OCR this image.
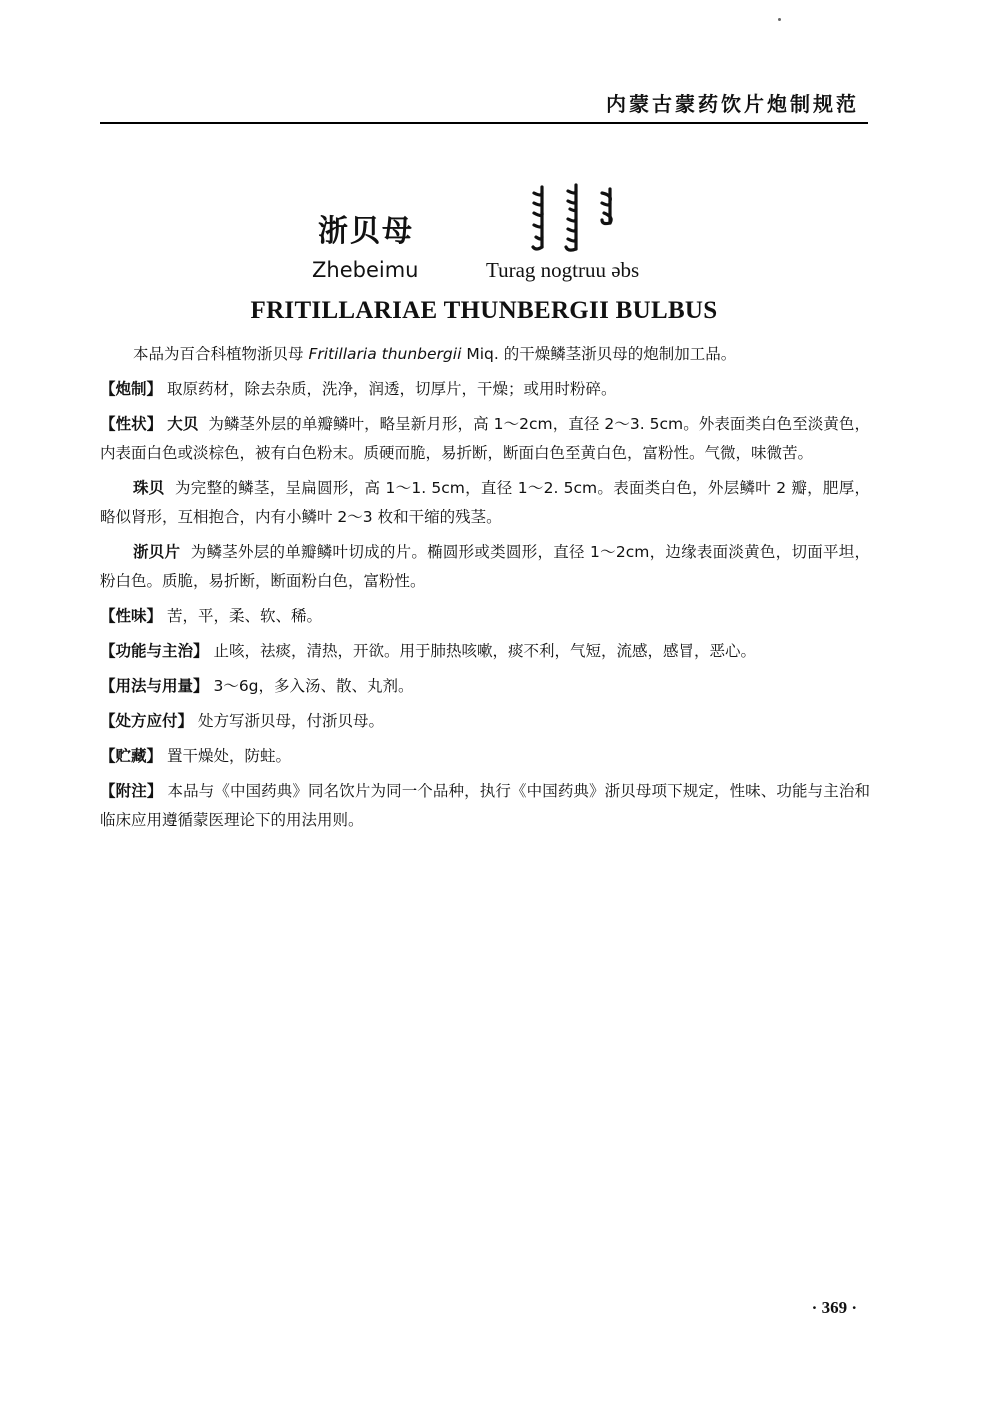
内蒙古蒙药饮片炮制规范
浙贝母
Zhebeimu	Turag nogtruu əbs
FRITILLARIAE THUNBERGII BULBUS

本品为百合科植物浙贝母 Fritillaria thunbergii Miq. 的干燥鳞茎浙贝母的炮制加工品。

【炮制】 取原药材，除去杂质，洗净，润透，切厚片，干燥；或用时粉碎。

【性状】 大贝 为鳞茎外层的单瓣鳞叶，略呈新月形，高 1～2cm，直径 2～3. 5cm。外表面类白色至淡黄色，内表面白色或淡棕色，被有白色粉末。质硬而脆，易折断，断面白色至黄白色，富粉性。气微，味微苦。

珠贝 为完整的鳞茎，呈扁圆形，高 1～1. 5cm，直径 1～2. 5cm。表面类白色，外层鳞叶 2 瓣，肥厚，略似肾形，互相抱合，内有小鳞叶 2～3 枚和干缩的残茎。

浙贝片 为鳞茎外层的单瓣鳞叶切成的片。椭圆形或类圆形，直径 1～2cm，边缘表面淡黄色，切面平坦，粉白色。质脆，易折断，断面粉白色，富粉性。

【性味】 苦，平，柔、软、稀。

【功能与主治】 止咳，祛痰，清热，开欲。用于肺热咳嗽，痰不利，气短，流感，感冒，恶心。

【用法与用量】 3～6g，多入汤、散、丸剂。

【处方应付】 处方写浙贝母，付浙贝母。

【贮藏】 置干燥处，防蛀。

【附注】 本品与《中国药典》同名饮片为同一个品种，执行《中国药典》浙贝母项下规定，性味、功能与主治和临床应用遵循蒙医理论下的用法用则。

· 369 ·
